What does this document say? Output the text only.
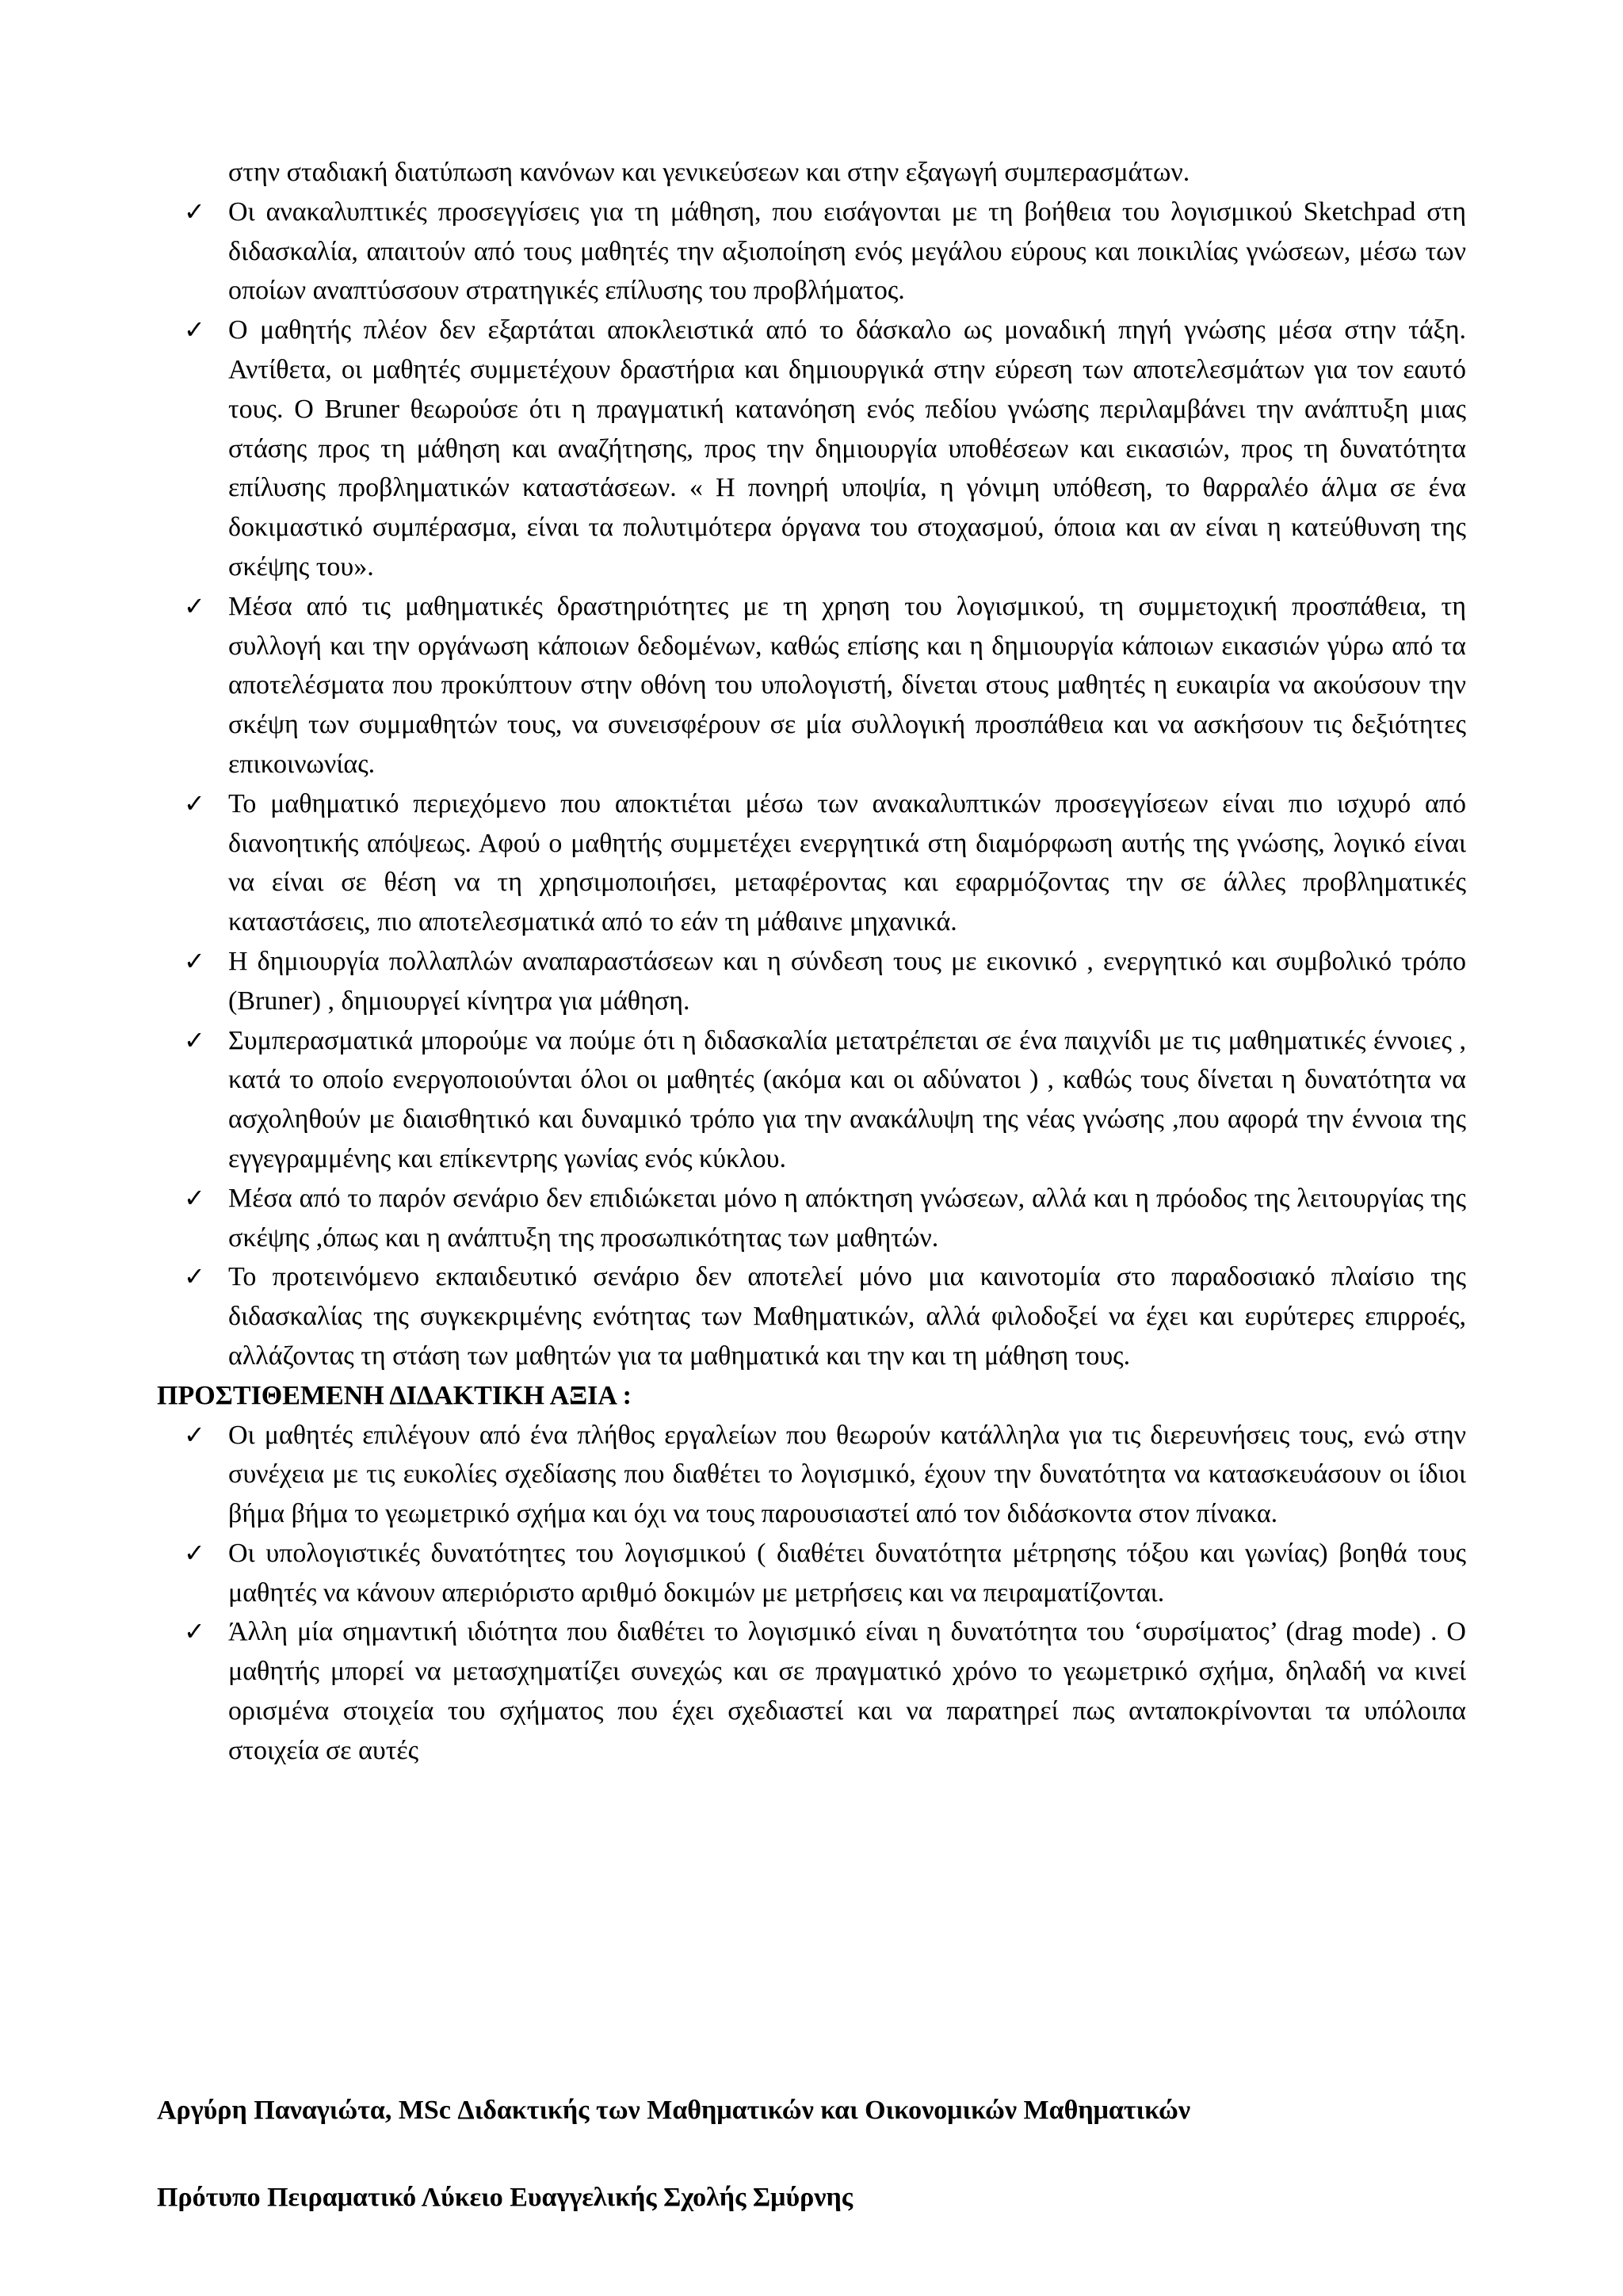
στην σταδιακή διατύπωση κανόνων και γενικεύσεων και στην εξαγωγή συμπερασμάτων.

✓ Οι ανακαλυπτικές προσεγγίσεις για τη μάθηση, που εισάγονται με τη βοήθεια του λογισμικού Sketchpad στη διδασκαλία, απαιτούν από τους μαθητές την αξιοποίηση ενός μεγάλου εύρους και ποικιλίας γνώσεων, μέσω των οποίων αναπτύσσουν στρατηγικές επίλυσης του προβλήματος.
✓ Ο μαθητής πλέον δεν εξαρτάται αποκλειστικά από το δάσκαλο ως μοναδική πηγή γνώσης μέσα στην τάξη. Αντίθετα, οι μαθητές συμμετέχουν δραστήρια και δημιουργικά στην εύρεση των αποτελεσμάτων για τον εαυτό τους. Ο Bruner θεωρούσε ότι η πραγματική κατανόηση ενός πεδίου γνώσης περιλαμβάνει την ανάπτυξη μιας στάσης προς τη μάθηση και αναζήτησης, προς την δημιουργία υποθέσεων και εικασιών, προς τη δυνατότητα επίλυσης προβληματικών καταστάσεων. « Η πονηρή υποψία, η γόνιμη υπόθεση, το θαρραλέο άλμα σε ένα δοκιμαστικό συμπέρασμα, είναι τα πολυτιμότερα όργανα του στοχασμού, όποια και αν είναι η κατεύθυνση της σκέψης του».
✓ Μέσα από τις μαθηματικές δραστηριότητες με τη χρηση του λογισμικού, τη συμμετοχική προσπάθεια, τη συλλογή και την οργάνωση κάποιων δεδομένων, καθώς επίσης και η δημιουργία κάποιων εικασιών γύρω από τα αποτελέσματα που προκύπτουν στην οθόνη του υπολογιστή, δίνεται στους μαθητές η ευκαιρία να ακούσουν την σκέψη των συμμαθητών τους, να συνεισφέρουν σε μία συλλογική προσπάθεια και να ασκήσουν τις δεξιότητες επικοινωνίας.
✓ Το μαθηματικό περιεχόμενο που αποκτιέται μέσω των ανακαλυπτικών προσεγγίσεων είναι πιο ισχυρό από διανοητικής απόψεως. Αφού ο μαθητής συμμετέχει ενεργητικά στη διαμόρφωση αυτής της γνώσης, λογικό είναι να είναι σε θέση να τη χρησιμοποιήσει, μεταφέροντας και εφαρμόζοντας την σε άλλες προβληματικές καταστάσεις, πιο αποτελεσματικά από το εάν τη μάθαινε μηχανικά.
✓ Η δημιουργία πολλαπλών αναπαραστάσεων και η σύνδεση τους με εικονικό , ενεργητικό και συμβολικό τρόπο (Bruner) , δημιουργεί κίνητρα για μάθηση.
✓ Συμπερασματικά μπορούμε να πούμε ότι η διδασκαλία μετατρέπεται σε ένα παιχνίδι με τις μαθηματικές έννοιες , κατά το οποίο ενεργοποιούνται όλοι οι μαθητές (ακόμα και οι αδύνατοι ) , καθώς τους δίνεται η δυνατότητα να ασχοληθούν με διαισθητικό και δυναμικό τρόπο για την ανακάλυψη της νέας γνώσης ,που αφορά την έννοια της εγγεγραμμένης και επίκεντρης γωνίας ενός κύκλου.
✓ Μέσα από το παρόν σενάριο δεν επιδιώκεται μόνο η απόκτηση γνώσεων, αλλά και η πρόοδος της λειτουργίας της σκέψης ,όπως και η ανάπτυξη της προσωπικότητας των μαθητών.
✓ Το προτεινόμενο εκπαιδευτικό σενάριο δεν αποτελεί μόνο μια καινοτομία στο παραδοσιακό πλαίσιο της διδασκαλίας της συγκεκριμένης ενότητας των Μαθηματικών, αλλά φιλοδοξεί να έχει και ευρύτερες επιρροές, αλλάζοντας τη στάση των μαθητών για τα μαθηματικά και την και τη μάθηση τους.

ΠΡΟΣΤΙΘΕΜΕΝΗ ΔΙΔΑΚΤΙΚΗ ΑΞΙΑ :

✓ Οι μαθητές επιλέγουν από ένα πλήθος εργαλείων που θεωρούν κατάλληλα για τις διερευνήσεις τους, ενώ στην συνέχεια με τις ευκολίες σχεδίασης που διαθέτει το λογισμικό, έχουν την δυνατότητα να κατασκευάσουν οι ίδιοι βήμα βήμα το γεωμετρικό σχήμα και όχι να τους παρουσιαστεί από τον διδάσκοντα στον πίνακα.
✓ Οι υπολογιστικές δυνατότητες του λογισμικού ( διαθέτει δυνατότητα μέτρησης τόξου και γωνίας) βοηθά τους μαθητές να κάνουν απεριόριστο αριθμό δοκιμών με μετρήσεις και να πειραματίζονται.
✓ Άλλη μία σημαντική ιδιότητα που διαθέτει το λογισμικό είναι η δυνατότητα του ‘συρσίματος’ (drag mode) . Ο μαθητής μπορεί να μετασχηματίζει συνεχώς και σε πραγματικό χρόνο το γεωμετρικό σχήμα, δηλαδή να κινεί ορισμένα στοιχεία του σχήματος που έχει σχεδιαστεί και να παρατηρεί πως ανταποκρίνονται τα υπόλοιπα στοιχεία σε αυτές
Αργύρη Παναγιώτα, MSc Διδακτικής των Μαθηματικών και Οικονομικών Μαθηματικών
Πρότυπο Πειραματικό Λύκειο Ευαγγελικής Σχολής Σμύρνης
